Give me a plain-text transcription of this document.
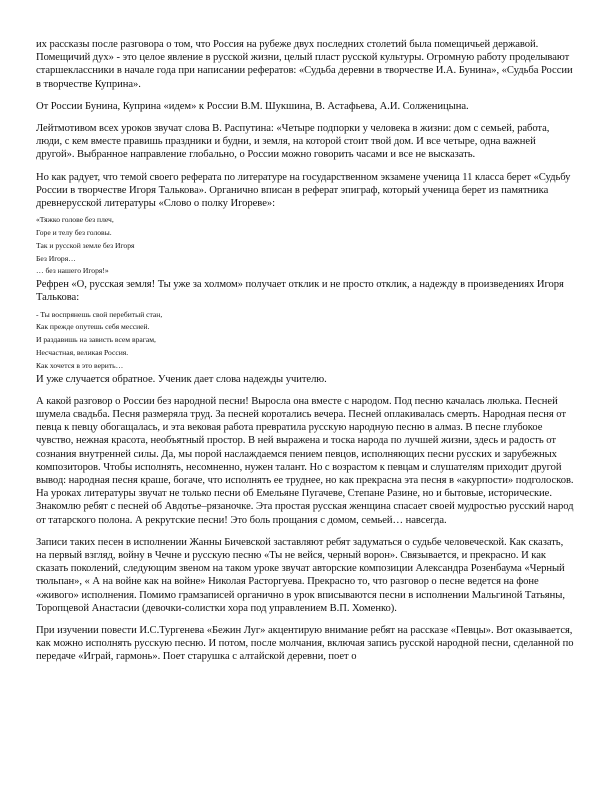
их рассказы после разговора о том, что Россия на рубеже двух последних столетий была помещичьей державой. Помещичий дух» - это целое явление в русской жизни, целый пласт русской культуры. Огромную работу проделывают старшеклассники в начале года при написании рефератов: «Судьба деревни в творчестве И.А. Бунина», «Судьба России в творчестве Куприна».

От России Бунина, Куприна «идем» к России В.М. Шукшина, В. Астафьева, А.И. Солженицына.

Лейтмотивом всех уроков звучат слова В. Распутина: «Четыре подпорки у человека в жизни: дом с семьей, работа, люди, с кем вместе правишь праздники и будни, и земля, на которой стоит твой дом. И все четыре, одна важней другой». Выбранное направление глобально, о России можно говорить часами и все не высказать.

Но как радует, что темой своего реферата по литературе на государственном экзамене ученица 11 класса берет «Судьбу России в творчестве Игоря Талькова». Органично вписан в реферат эпиграф, который ученица берет из памятника древнерусской литературы «Слово о полку Игореве»:

«Тяжко голове без плеч,
Горе и телу без головы.
Так и русской земле без Игоря
Без Игоря…
… без нашего Игоря!»

Рефрен «О, русская земля! Ты уже за холмом» получает отклик и не просто отклик, а надежду в произведениях Игоря Талькова:

- Ты воспрянешь свой перебитый стан,
Как прежде опутешь себя мессией.
И раздавишь на зависть всем врагам,
Несчастная, великая Россия.
Как хочется в это верить…

И уже случается обратное. Ученик дает слова надежды учителю.

А какой разговор о России без народной песни! Выросла она вместе с народом. Под песню качалась люлька. Песней шумела свадьба. Песня размеряла труд. За песней коротались вечера. Песней оплакивалась смерть. Народная песня от певца к певцу обогащалась, и эта вековая работа превратила русскую народную песню в алмаз. В песне глубокое чувство, нежная красота, необъятный простор. В ней выражена и тоска народа по лучшей жизни, здесь и радость от сознания внутренней силы. Да, мы порой наслаждаемся пением певцов, исполняющих песни русских и зарубежных композиторов. Чтобы исполнять, несомненно, нужен талант. Но с возрастом к певцам и слушателям приходит другой вывод: народная песня краше, богаче, что исполнять ее труднее, но как прекрасна эта песня в «акурпости» подголосков. На уроках литературы звучат не только песни об Емельяне Пугачеве, Степане Разине, но и бытовые, исторические. Знакомлю ребят с песней об Авдотье–рязаночке. Эта простая русская женщина спасает своей мудростью русский народ от татарского полона. А рекрутские песни! Это боль прощания с домом, семьей… навсегда.

Записи таких песен в исполнении Жанны Бичевской заставляют ребят задуматься о судьбе человеческой. Как сказать, на первый взгляд, войну в Чечне и русскую песню «Ты не вейся, черный ворон». Связывается, и прекрасно. И как сказать поколений, следующим звеном на таком уроке звучат авторские композиции Александра Розенбаума «Черный тюльпан», « А на войне как на войне» Николая Расторгуева. Прекрасно то, что разговор о песне ведется на фоне «живого» исполнения. Помимо грамзаписей органично в урок вписываются песни в исполнении Мальгиной Татьяны, Торопцевой Анастасии (девочки-солистки хора под управлением В.П. Хоменко).

При изучении повести И.С.Тургенева «Бежин Луг» акцентирую внимание ребят на рассказе «Певцы». Вот оказывается, как можно исполнять русскую песню. И потом, после молчания, включая запись русской народной песни, сделанной по передаче «Играй, гармонь». Поет старушка с алтайской деревни, поет о
